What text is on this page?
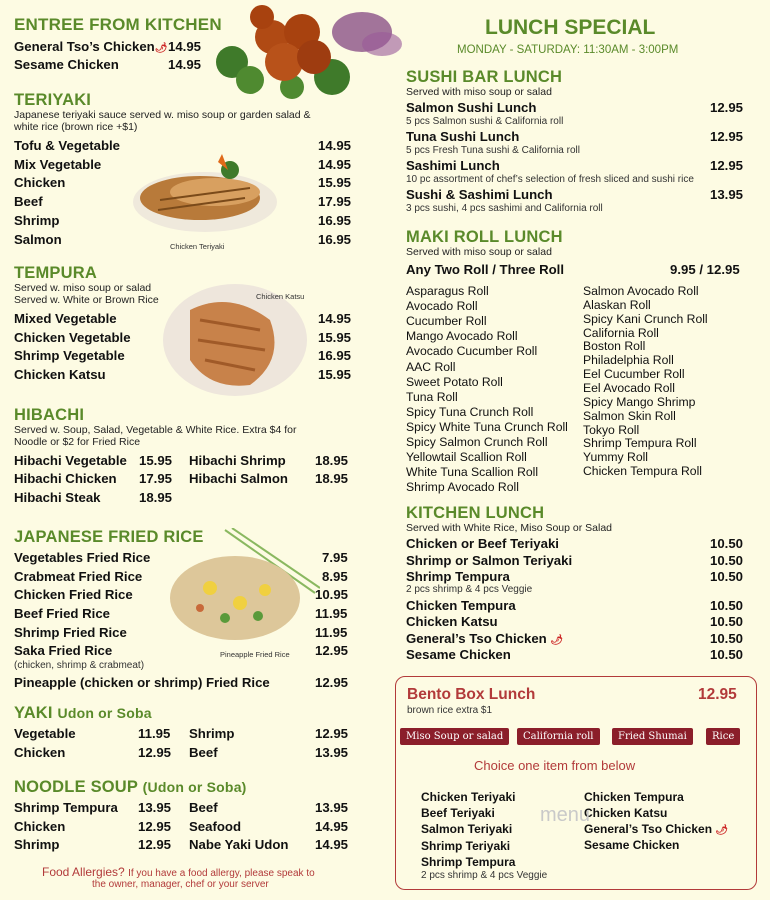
ENTREE FROM KITCHEN
General Tso’s Chicken🌶 14.95
Sesame Chicken	14.95
TERIYAKI
Japanese teriyaki sauce served w. miso soup or garden salad & white rice (brown rice +$1)
Tofu & Vegetable	14.95
Mix Vegetable	14.95
Chicken	15.95
Beef	17.95
Shrimp	16.95
Salmon	16.95
Chicken Teriyaki
TEMPURA
Served w. miso soup or salad
Served w. White or Brown Rice	Chicken Katsu
Mixed Vegetable	14.95
Chicken Vegetable	15.95
Shrimp Vegetable	16.95
Chicken Katsu	15.95
HIBACHI
Served w. Soup, Salad, Vegetable & White Rice. Extra $4 for Noodle or $2 for Fried Rice
Hibachi Vegetable 15.95
Hibachi Chicken 17.95
Hibachi Steak	18.95
Hibachi Shrimp 18.95
Hibachi Salmon 18.95
JAPANESE FRIED RICE
Vegetables Fried Rice	7.95
Crabmeat Fried Rice	8.95
Chicken Fried Rice	10.95
Beef Fried Rice	11.95
Shrimp Fried Rice	11.95
Saka Fried Rice	12.95
(chicken, shrimp & crabmeat)
Pineapple Fried Rice
Pineapple (chicken or shrimp) Fried Rice	12.95
YAKI Udon or Soba
Vegetable	11.95
Chicken	12.95
Shrimp	12.95
Beef	13.95
NOODLE SOUP (Udon or Soba)
Shrimp Tempura 13.95
Chicken	12.95
Shrimp	12.95
Beef	13.95
Seafood	14.95
Nabe Yaki Udon 14.95
Food Allergies? If you have a food allergy, please speak to
the owner, manager, chef or your server
LUNCH SPECIAL
MONDAY - SATURDAY: 11:30AM - 3:00PM
SUSHI BAR LUNCH
Served with miso soup or salad
Salmon Sushi Lunch	12.95
5 pcs Salmon sushi & California roll
Tuna Sushi Lunch	12.95
5 pcs Fresh Tuna sushi & California roll
Sashimi Lunch	12.95
10 pc assortment of chef’s selection of fresh sliced and sushi rice
Sushi & Sashimi Lunch	13.95
3 pcs sushi, 4 pcs sashimi and California roll
MAKI ROLL LUNCH
Served with miso soup or salad
Any Two Roll / Three Roll	9.95 / 12.95
Asparagus Roll
Avocado Roll
Cucumber Roll
Mango Avocado Roll
Avocado Cucumber Roll
AAC Roll
Sweet Potato Roll
Tuna Roll
Spicy Tuna Crunch Roll
Spicy White Tuna Crunch Roll
Spicy Salmon Crunch Roll
Yellowtail Scallion Roll
White Tuna Scallion Roll
Shrimp Avocado Roll
Salmon Avocado Roll
Alaskan Roll
Spicy Kani Crunch Roll
California Roll
Boston Roll
Philadelphia Roll
Eel Cucumber Roll
Eel Avocado Roll
Spicy Mango Shrimp
Salmon Skin Roll
Tokyo Roll
Shrimp Tempura Roll
Yummy Roll
Chicken Tempura Roll
KITCHEN LUNCH
Served with White Rice, Miso Soup or Salad
Chicken or Beef Teriyaki	10.50
Shrimp or Salmon Teriyaki	10.50
Shrimp Tempura	10.50
2 pcs shrimp & 4 pcs Veggie
Chicken Tempura	10.50
Chicken Katsu	10.50
General’s Tso Chicken 🌶	10.50
Sesame Chicken	10.50
Bento Box Lunch	12.95
brown rice extra $1
Miso Soup or salad	California roll	Fried Shumai	Rice
Choice one item from below
Chicken Teriyaki
Beef Teriyaki
Salmon Teriyaki
Shrimp Teriyaki
Shrimp Tempura
2 pcs shrimp & 4 pcs Veggie
Chicken Tempura
Chicken Katsu
General’s Tso Chicken 🌶
Sesame Chicken
menu
